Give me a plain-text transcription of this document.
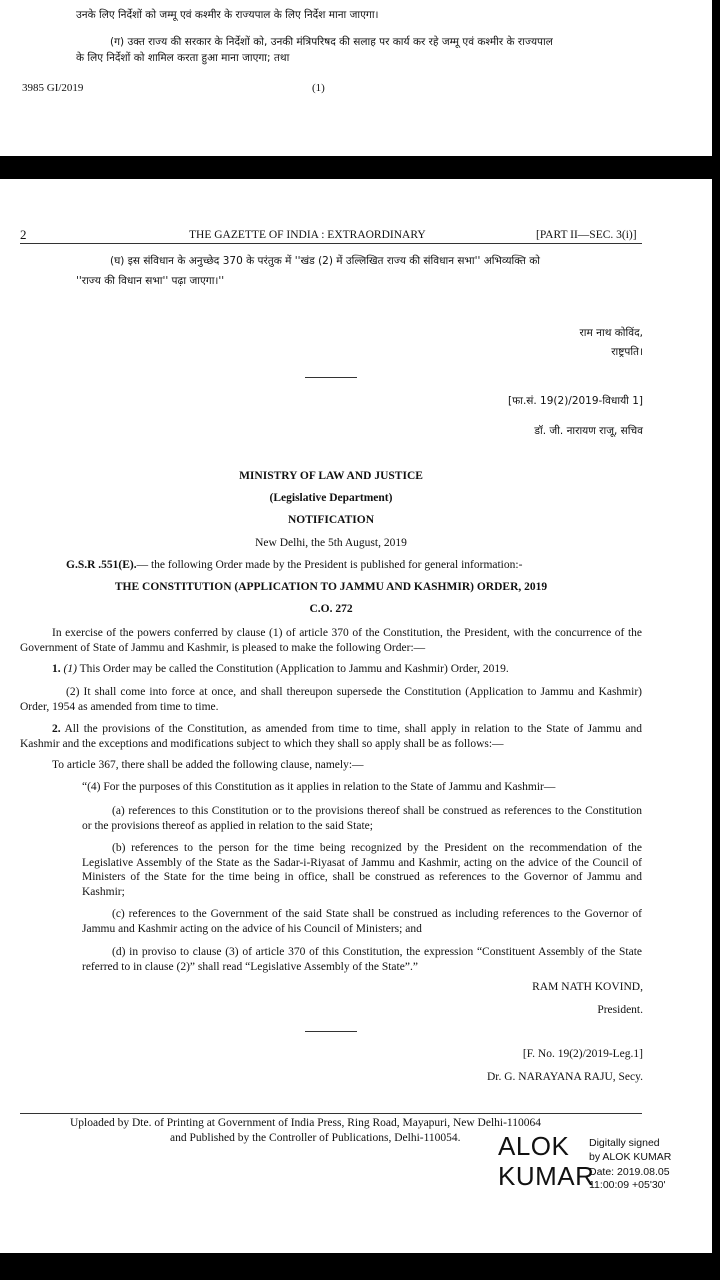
उनके लिए निर्देशों को जम्मू एवं कश्मीर के राज्यपाल के लिए निर्देश माना जाएगा।
(ग) उक्त राज्य की सरकार के निर्देशों को, उनकी मंत्रिपरिषद की सलाह पर कार्य कर रहे जम्मू एवं कश्मीर के राज्यपाल
के लिए निर्देशों को शामिल करता हुआ माना जाएगा; तथा
3985 GI/2019	(1)
2	THE GAZETTE OF INDIA : EXTRAORDINARY	[PART II—SEC. 3(i)]
(घ) इस संविधान के अनुच्छेद 370 के परंतुक में ''खंड (2) में उल्लिखित राज्य की संविधान सभा'' अभिव्यक्ति को
''राज्य की विधान सभा'' पढ़ा जाएगा।''
राम नाथ कोविंद,
राष्ट्रपति।
[फा.सं. 19(2)/2019-विधायी 1]
डॉ. जी. नारायण राजू, सचिव
MINISTRY OF LAW AND JUSTICE
(Legislative Department)
NOTIFICATION
New Delhi, the 5th August, 2019
G.S.R .551(E).— the following Order made by the President is published for general information:-
THE CONSTITUTION (APPLICATION TO JAMMU AND KASHMIR) ORDER, 2019
C.O. 272
In exercise of the powers conferred by clause (1) of article 370 of the Constitution, the President, with the concurrence of the Government of State of Jammu and Kashmir, is pleased to make the following Order:—
1. (1) This Order may be called the Constitution (Application to Jammu and Kashmir) Order, 2019.
(2) It shall come into force at once, and shall thereupon supersede the Constitution (Application to Jammu and Kashmir) Order, 1954 as amended from time to time.
2. All the provisions of the Constitution, as amended from time to time, shall apply in relation to the State of Jammu and Kashmir and the exceptions and modifications subject to which they shall so apply shall be as follows:—
To article 367, there shall be added the following clause, namely:—
“(4) For the purposes of this Constitution as it applies in relation to the State of Jammu and Kashmir—
(a) references to this Constitution or to the provisions thereof shall be construed as references to the Constitution or the provisions thereof as applied in relation to the said State;
(b) references to the person for the time being recognized by the President on the recommendation of the Legislative Assembly of the State as the Sadar-i-Riyasat of Jammu and Kashmir, acting on the advice of the Council of Ministers of the State for the time being in office, shall be construed as references to the Governor of Jammu and Kashmir;
(c) references to the Government of the said State shall be construed as including references to the Governor of Jammu and Kashmir acting on the advice of his Council of Ministers; and
(d) in proviso to clause (3) of article 370 of this Constitution, the expression “Constituent Assembly of the State referred to in clause (2)” shall read “Legislative Assembly of the State”.”
RAM NATH KOVIND,
President.
[F. No. 19(2)/2019-Leg.1]
Dr. G. NARAYANA RAJU, Secy.
Uploaded by Dte. of Printing at Government of India Press, Ring Road, Mayapuri, New Delhi-110064
and Published by the Controller of Publications, Delhi-110054. ALOK
KUMAR
Digitally signed
by ALOK KUMAR
Date: 2019.08.05
11:00:09 +05'30'
